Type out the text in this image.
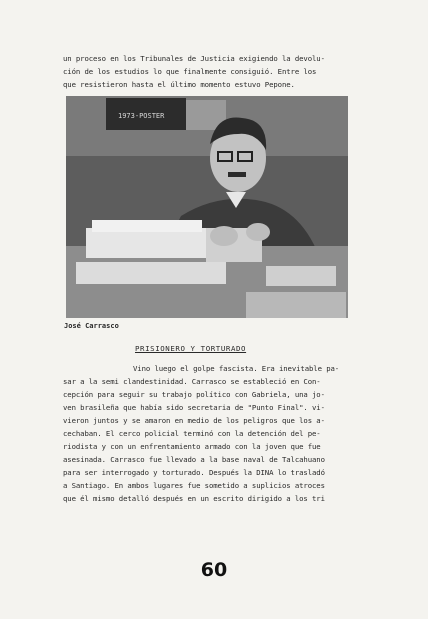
un proceso en los Tribunales de Justicia exigiendo la devolu-
ción de los estudios lo que finalmente consiguió. Entre los
que resistieron hasta el último momento estuvo Pepone.
1973-POSTER
José Carrasco
PRISIONERO Y TORTURADO
Vino luego el golpe fascista. Era inevitable pa-
sar a la semi clandestinidad. Carrasco se estableció en Con-
cepción para seguir su trabajo político con Gabriela, una jo-
ven brasileña que había sido secretaria de "Punto Final". vi-
vieron juntos y se amaron en medio de los peligros que los a-
cechaban. El cerco policial terminó con la detención del pe-
riodista y con un enfrentamiento armado con la joven que fue
asesinada. Carrasco fue llevado a la base naval de Talcahuano
para ser interrogado y torturado. Después la DINA lo trasladó
a Santiago. En ambos lugares fue sometido a suplicios atroces
que él mismo detalló después en un escrito dirigido a los tri
60
